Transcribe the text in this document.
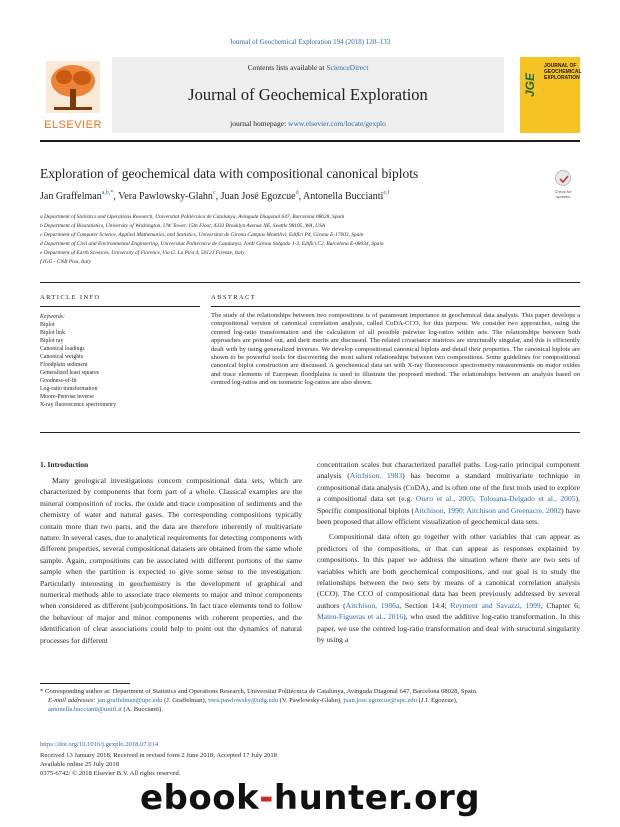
Journal of Geochemical Exploration 194 (2018) 120–133
ELSEVIER
Contents lists available at ScienceDirect
Journal of Geochemical Exploration
journal homepage: www.elsevier.com/locate/gexplo
JGE
JOURNAL OF GEOCHEMICAL EXPLORATION
Exploration of geochemical data with compositional canonical biplots
Check for updates
Jan Graffelman$^{a,b,*}$, Vera Pawlowsky-Glahn$^c$, Juan José Egozcue$^d$, Antonella Buccianti$^{e,f}$
a Department of Statistics and Operations Research, Universitat Politècnica de Catalunya, Avinguda Diagonal 647, Barcelona 08028, Spain
b Department of Biostatistics, University of Washington, UW Tower, 15th Floor, 4333 Brooklyn Avenue NE, Seattle 98105, WA, USA
c Department of Computer Science, Applied Mathematics, and Statistics, Universitat de Girona Campus Montilivi, Edifici P4, Girona E-17003, Spain
d Department of Civil and Environmental Engineering, Universitat Politècnica de Catalunya, Jordi Girona Salgado 1-3, Edifici C2, Barcelona E-08034, Spain
e Department of Earth Sciences, University of Florence, Via G. La Pira 4, 50121 Firenze, Italy
f IGG - CNR Pisa, Italy
ARTICLE INFO	ABSTRACT
Keywords:
Biplot
Biplot link
Biplot ray
Canonical loadings
Canonical weights
Floodplain sediment
Generalized least squares
Goodness-of-fit
Log-ratio transformation
Moore-Penrose inverse
X-ray fluorescence spectrometry
The study of the relationships between two compositions is of paramount importance in geochemical data analysis. This paper develops a compositional version of canonical correlation analysis, called CoDA-CCO, for this purpose. We consider two approaches, using the centred log-ratio transformation and the calculation of all possible pairwise log-ratios within sets. The relationships between both approaches are pointed out, and their merits are discussed. The related covariance matrices are structurally singular, and this is efficiently dealt with by using generalized inverses. We develop compositional canonical biplots and detail their properties. The canonical biplots are shown to be powerful tools for discovering the most salient relationships between two compositions. Some guidelines for compositional canonical biplot construction are discussed. A geochemical data set with X-ray fluorescence spectrometry measurements on major oxides and trace elements of European floodplains is used to illustrate the proposed method. The relationships between an analysis based on centred log-ratios and on isometric log-ratios are also shown.
1. Introduction

Many geological investigations concern compositional data sets, which are characterized by components that form part of a whole. Classical examples are the mineral composition of rocks, the oxide and trace composition of sediments and the chemistry of water and natural gases. The corresponding compositions typically contain more than two parts, and the data are therefore inherently of multivariate nature. In several cases, due to analytical requirements for detecting components with different properties, several compositional datasets are obtained from the same whole sample. Again, compositions can be associated with different portions of the same sample when the partition is expected to give some sense to the investigation. Particularly interesting in geochemistry is the development of graphical and numerical methods able to associate trace elements to major and minor components when considered as different (sub)compositions. In fact trace elements tend to follow the behaviour of major and minor components with coherent properties, and the identification of clear associations could help to point out the dynamics of natural processes for different

concentration scales but characterized parallel paths. Log-ratio principal component analysis (Aitchison, 1983) has become a standard multivariate technique in compositional data analysis (CoDA), and is often one of the first tools used to explore a compositional data set (e.g. Otero et al., 2005; Tolosana-Delgado et al., 2005). Specific compositional biplots (Aitchison, 1990; Aitchison and Greenacre, 2002) have been proposed that allow efficient visualization of geochemical data sets.

Compositional data often go together with other variables that can appear as predictors of the compositions, or that can appear as responses explained by compositions. In this paper we address the situation where there are two sets of variables which are both geochemical compositions, and our goal is to study the relationships between the two sets by means of a canonical correlation analysis (CCO). The CCO of compositional data has been previously addressed by several authors (Aitchison, 1986a, Section 14.4; Reyment and Savazzi, 1999, Chapter 6; Mateu-Figueras et al., 2016), who used the additive log-ratio transformation. In this paper, we use the centred log-ratio transformation and deal with structural singularity by using a

* Corresponding author at: Department of Statistics and Operations Research, Universitat Politècnica de Catalunya, Avinguda Diagonal 647, Barcelona 08028, Spain.
E-mail addresses: jan.graffelman@upc.edu (J. Graffelman), vera.pawlowsky@udg.edu (V. Pawlowsky-Glahn), juan.jose.egozcue@upc.edu (J.J. Egozcue),
antonella.buccianti@unifi.it (A. Buccianti).
https://doi.org/10.1016/j.gexplo.2018.07.014
Received 13 January 2018; Received in revised form 2 June 2018; Accepted 17 July 2018
Available online 25 July 2018
0375-6742/ © 2018 Elsevier B.V. All rights reserved.
ebook-hunter.org
